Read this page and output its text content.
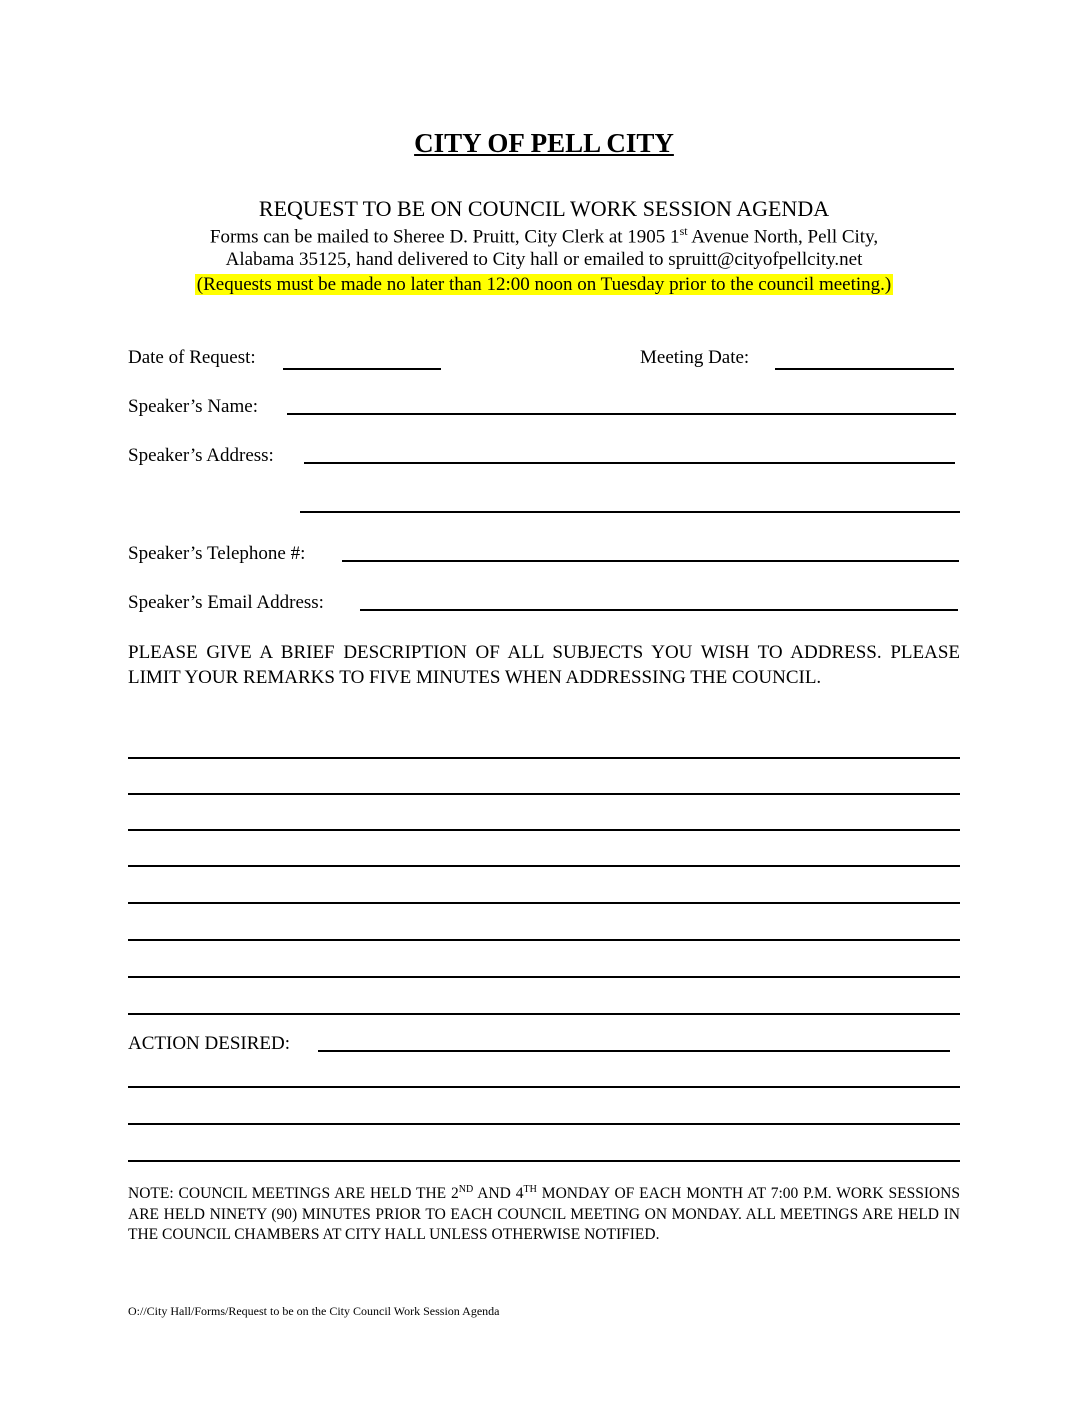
CITY OF PELL CITY
REQUEST TO BE ON COUNCIL WORK SESSION AGENDA
Forms can be mailed to Sheree D. Pruitt, City Clerk at 1905 1st Avenue North, Pell City,
Alabama 35125, hand delivered to City hall or emailed to spruitt@cityofpellcity.net
(Requests must be made no later than 12:00 noon on Tuesday prior to the council meeting.)
Date of Request:	Meeting Date:
Speaker’s Name:
Speaker’s Address:
Speaker’s Telephone #:
Speaker’s Email Address:
PLEASE GIVE A BRIEF DESCRIPTION OF ALL SUBJECTS YOU WISH TO ADDRESS. PLEASE LIMIT YOUR REMARKS TO FIVE MINUTES WHEN ADDRESSING THE COUNCIL.
ACTION DESIRED:
NOTE: COUNCIL MEETINGS ARE HELD THE 2ND AND 4TH MONDAY OF EACH MONTH AT 7:00 P.M. WORK SESSIONS ARE HELD NINETY (90) MINUTES PRIOR TO EACH COUNCIL MEETING ON MONDAY. ALL MEETINGS ARE HELD IN THE COUNCIL CHAMBERS AT CITY HALL UNLESS OTHERWISE NOTIFIED.
O://City Hall/Forms/Request to be on the City Council Work Session Agenda
